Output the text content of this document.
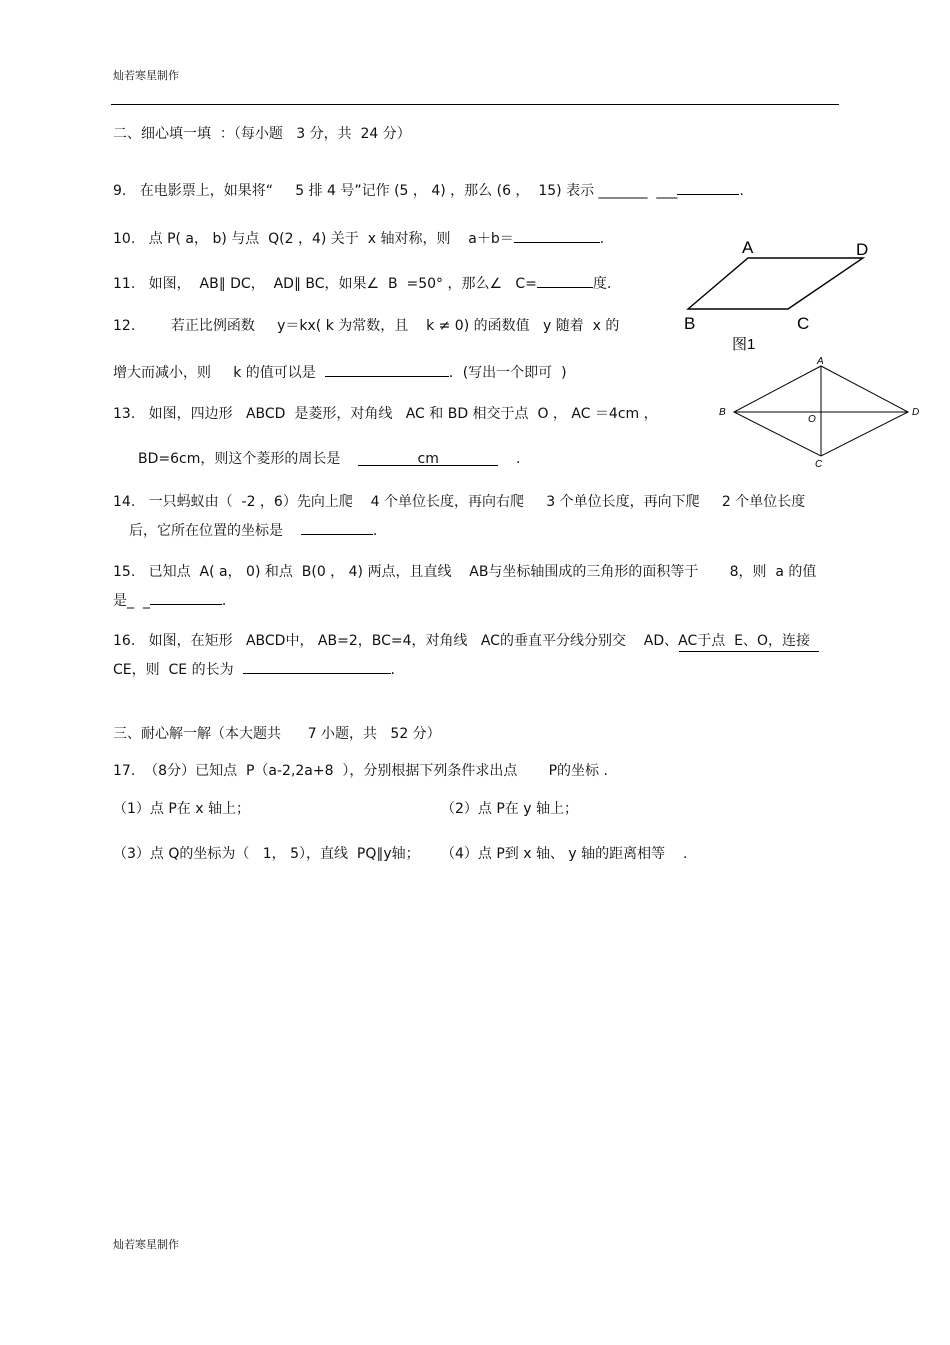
灿若寒星制作
二、细心填一填  ：（每小题   3 分，共  24 分）
9.   在电影票上，如果将“     5 排 4 号”记作 (5 ， 4) ，那么 (6 ，  15) 表示 _______  ___	.
10.   点 P( a， b) 与点  Q(2 ，4) 关于  x 轴对称，则    a＋b＝	.
11.   如图，  AB∥ DC，  AD∥ BC，如果∠  B  =50° ，那么∠   C=	度.
12.        若正比例函数     y＝kx( k 为常数，且    k ≠ 0) 的函数值   y 随着  x 的
增大而减小，则     k 的值可以是	．(写出一个即可  )
13.   如图，四边形   ABCD  是菱形，对角线   AC 和 BD 相交于点  O ， AC ＝4cm ，
BD=6cm，则这个菱形的周长是	cm	.
14.   一只蚂蚁由（  -2 ，6）先向上爬    4 个单位长度，再向右爬     3 个单位长度，再向下爬     2 个单位长度
后，它所在位置的坐标是	.
15.   已知点  A( a， 0) 和点  B(0 ， 4) 两点，且直线    AB与坐标轴围成的三角形的面积等于       8，则  a 的值
是_  _	.
16.   如图，在矩形   ABCD中， AB=2，BC=4，对角线   AC的垂直平分线分别交    AD、AC于点  E、O，连接
CE，则  CE 的长为	.
三、耐心解一解（本大题共      7 小题，共   52 分）
17.  （8分）已知点  P（a-2,2a+8  ），分别根据下列条件求出点       P的坐标 .
（1）点 P在 x 轴上；	（2）点 P在 y 轴上；
（3）点 Q的坐标为（   1， 5），直线  PQ∥y轴； （4）点 P到 x 轴、 y 轴的距离相等    .
A	D
B	C
图1
A
B
O
D
C
灿若寒星制作
